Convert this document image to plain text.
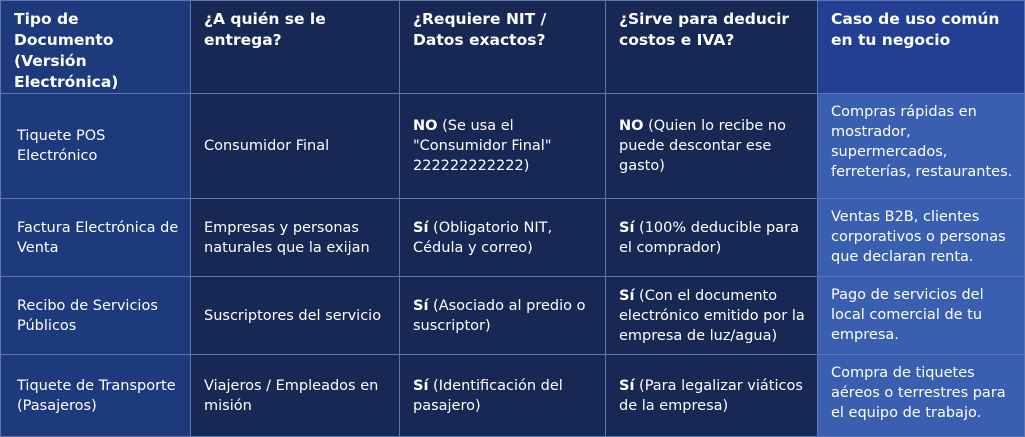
Tipo de Documento (Versión Electrónica)	¿A quién se le entrega?	¿Requiere NIT / Datos exactos?	¿Sirve para deducir costos e IVA?	Caso de uso común en tu negocio
Tiquete POS Electrónico	Consumidor Final	NO (Se usa el "Consumidor Final" 222222222222)	NO (Quien lo recibe no puede descontar ese gasto)	Compras rápidas en mostrador, supermercados, ferreterías, restaurantes.
Factura Electrónica de Venta	Empresas y personas naturales que la exijan	Sí (Obligatorio NIT, Cédula y correo)	Sí (100% deducible para el comprador)	Ventas B2B, clientes corporativos o personas que declaran renta.
Recibo de Servicios Públicos	Suscriptores del servicio	Sí (Asociado al predio o suscriptor)	Sí (Con el documento electrónico emitido por la empresa de luz/agua)	Pago de servicios del local comercial de tu empresa.
Tiquete de Transporte (Pasajeros)	Viajeros / Empleados en misión	Sí (Identificación del pasajero)	Sí (Para legalizar viáticos de la empresa)	Compra de tiquetes aéreos o terrestres para el equipo de trabajo.
